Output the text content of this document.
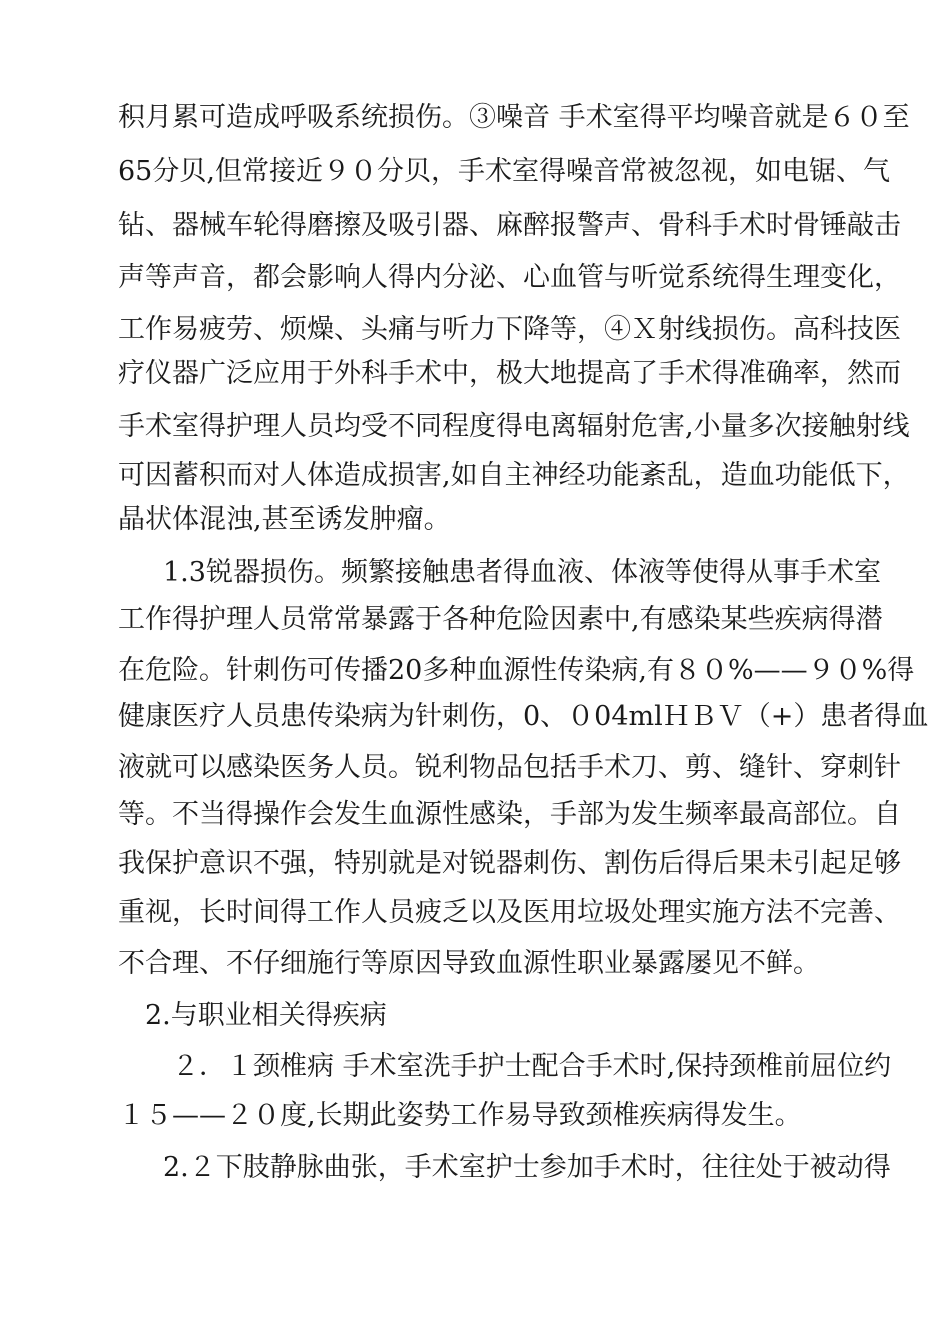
积月累可造成呼吸系统损伤。③噪音 手术室得平均噪音就是６０至
65分贝,但常接近９０分贝，手术室得噪音常被忽视，如电锯、气
钻、器械车轮得磨擦及吸引器、麻醉报警声、骨科手术时骨锤敲击
声等声音，都会影响人得内分泌、心血管与听觉系统得生理变化，
工作易疲劳、烦燥、头痛与听力下降等，④Ｘ射线损伤。高科技医
疗仪器广泛应用于外科手术中，极大地提高了手术得准确率，然而
手术室得护理人员均受不同程度得电离辐射危害,小量多次接触射线
可因蓄积而对人体造成损害,如自主神经功能紊乱，造血功能低下，
晶状体混浊,甚至诱发肿瘤。
1.3锐器损伤。频繁接触患者得血液、体液等使得从事手术室
工作得护理人员常常暴露于各种危险因素中,有感染某些疾病得潜
在危险。针刺伤可传播20多种血源性传染病,有８０%——９０%得
健康医疗人员患传染病为针刺伤，0、０04mlＨＢＶ（+）患者得血
液就可以感染医务人员。锐利物品包括手术刀、剪、缝针、穿刺针
等。不当得操作会发生血源性感染，手部为发生频率最高部位。自
我保护意识不强，特别就是对锐器刺伤、割伤后得后果未引起足够
重视，长时间得工作人员疲乏以及医用垃圾处理实施方法不完善、
不合理、不仔细施行等原因导致血源性职业暴露屡见不鲜。
2.与职业相关得疾病
２．１颈椎病 手术室洗手护士配合手术时,保持颈椎前屈位约
１５——２０度,长期此姿势工作易导致颈椎疾病得发生。
2.２下肢静脉曲张，手术室护士参加手术时，往往处于被动得
